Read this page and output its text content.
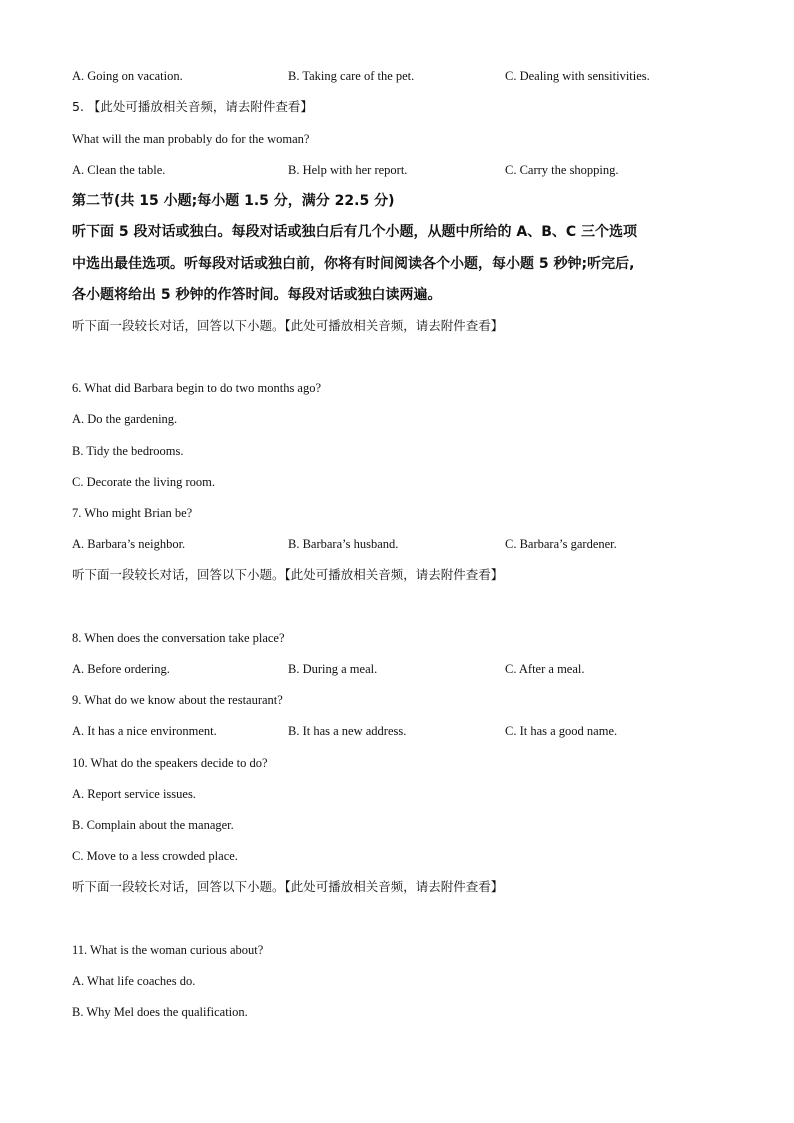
A. Going on vacation.	B. Taking care of the pet.	C. Dealing with sensitivities.
5. 【此处可播放相关音频，请去附件查看】
What will the man probably do for the woman?
A. Clean the table.	B. Help with her report.	C. Carry the shopping.
第二节(共 15 小题;每小题 1.5 分，满分 22.5 分)
听下面 5 段对话或独白。每段对话或独白后有几个小题，从题中所给的 A、B、C 三个选项
中选出最佳选项。听每段对话或独白前，你将有时间阅读各个小题，每小题 5 秒钟;听完后,
各小题将给出 5 秒钟的作答时间。每段对话或独白读两遍。
听下面一段较长对话，回答以下小题。【此处可播放相关音频，请去附件查看】
6. What did Barbara begin to do two months ago?
A. Do the gardening.
B. Tidy the bedrooms.
C. Decorate the living room.
7. Who might Brian be?
A. Barbara’s neighbor.	B. Barbara’s husband.	C. Barbara’s gardener.
听下面一段较长对话，回答以下小题。【此处可播放相关音频，请去附件查看】
8. When does the conversation take place?
A. Before ordering.	B. During a meal.	C. After a meal.
9. What do we know about the restaurant?
A. It has a nice environment.	B. It has a new address.	C. It has a good name.
10. What do the speakers decide to do?
A. Report service issues.
B. Complain about the manager.
C. Move to a less crowded place.
听下面一段较长对话，回答以下小题。【此处可播放相关音频，请去附件查看】
11. What is the woman curious about?
A. What life coaches do.
B. Why Mel does the qualification.
